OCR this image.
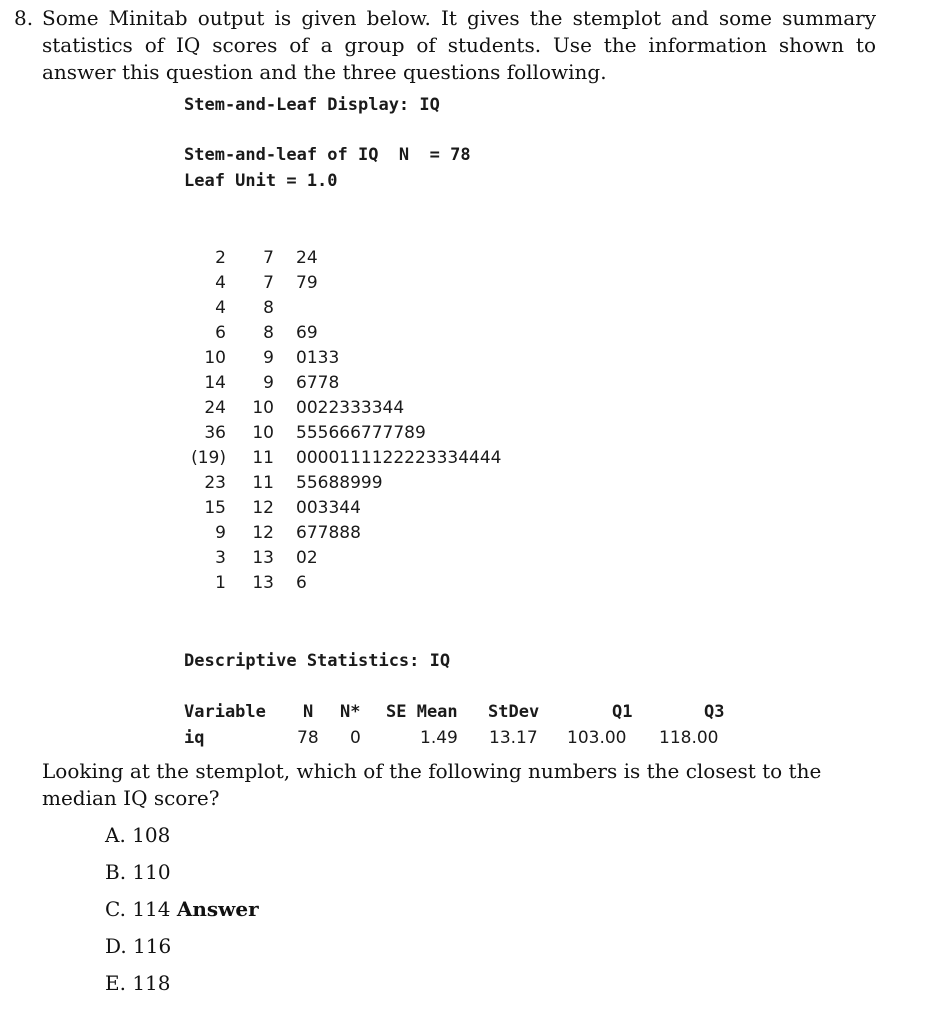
8. Some Minitab output is given below. It gives the stemplot and some summary statistics of IQ scores of a group of students. Use the information shown to answer this question and the three questions following.
Stem-and-Leaf Display: IQ
Stem-and-leaf of IQ  N  = 78
Leaf Unit = 1.0
2	7 24
4	7 79
4	8
6	8 69
10	9 0133
14	9 6778
24 10 0022333344
36 10 555666777789
(19) 11 0000111122223334444
23 11 55688999
15 12 003344
9 12 677888
3 13 02
1 13 6
Descriptive Statistics: IQ
Variable N N* SE Mean StDev	Q1	Q3
iq	78 0	1.49 13.17 103.00 118.00
Looking at the stemplot, which of the following numbers is the closest to the median IQ score?
A. 108
B. 110
C. 114 Answer
D. 116
E. 118
